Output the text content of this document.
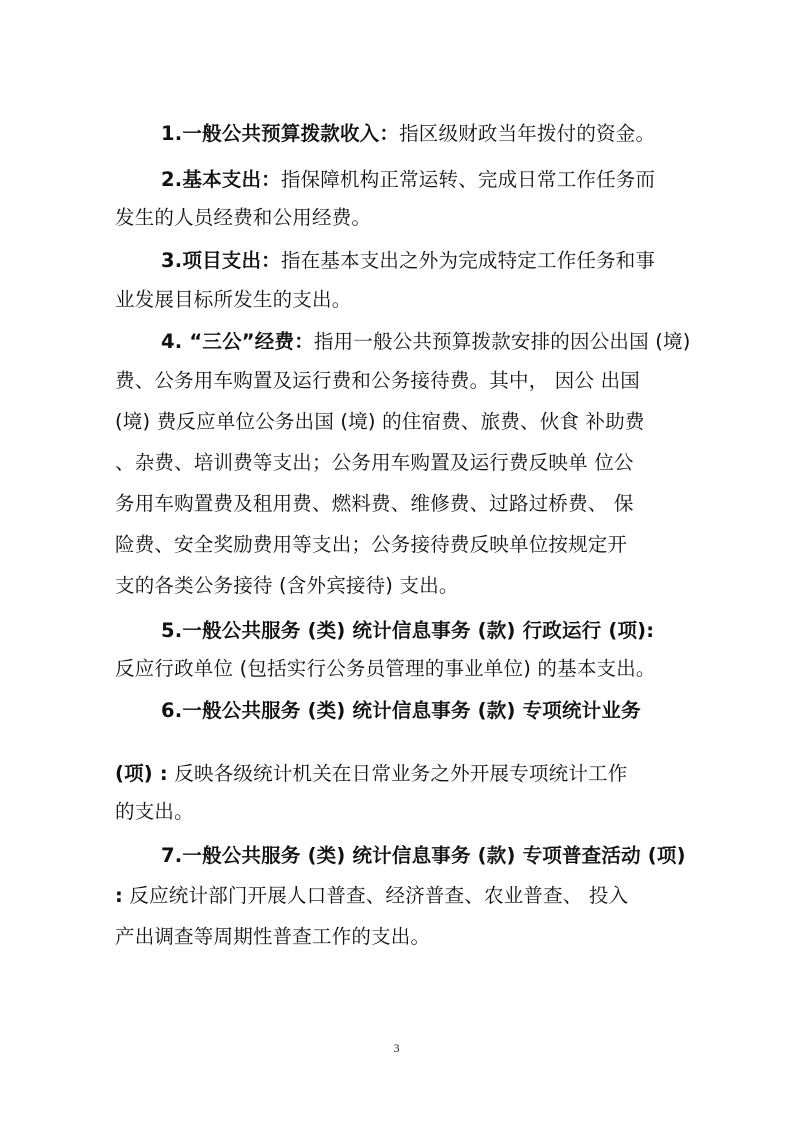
1.一般公共预算拨款收入：指区级财政当年拨付的资金。
2.基本支出：指保障机构正常运转、完成日常工作任务而
发生的人员经费和公用经费。
3.项目支出：指在基本支出之外为完成特定工作任务和事
业发展目标所发生的支出。
4. “三公”经费：指用一般公共预算拨款安排的因公出国 (境)
费、公务用车购置及运行费和公务接待费。其中， 因公 出国
(境) 费反应单位公务出国 (境) 的住宿费、旅费、伙食 补助费
、杂费、培训费等支出；公务用车购置及运行费反映单 位公
务用车购置费及租用费、燃料费、维修费、过路过桥费、 保
险费、安全奖励费用等支出；公务接待费反映单位按规定开
支的各类公务接待 (含外宾接待) 支出。
5.一般公共服务 (类) 统计信息事务 (款) 行政运行 (项):
反应行政单位 (包括实行公务员管理的事业单位) 的基本支出。
6.一般公共服务 (类) 统计信息事务 (款) 专项统计业务
(项) : 反映各级统计机关在日常业务之外开展专项统计工作
的支出。
7.一般公共服务 (类) 统计信息事务 (款) 专项普查活动 (项)
: 反应统计部门开展人口普查、经济普查、农业普查、 投入
产出调查等周期性普查工作的支出。
3
